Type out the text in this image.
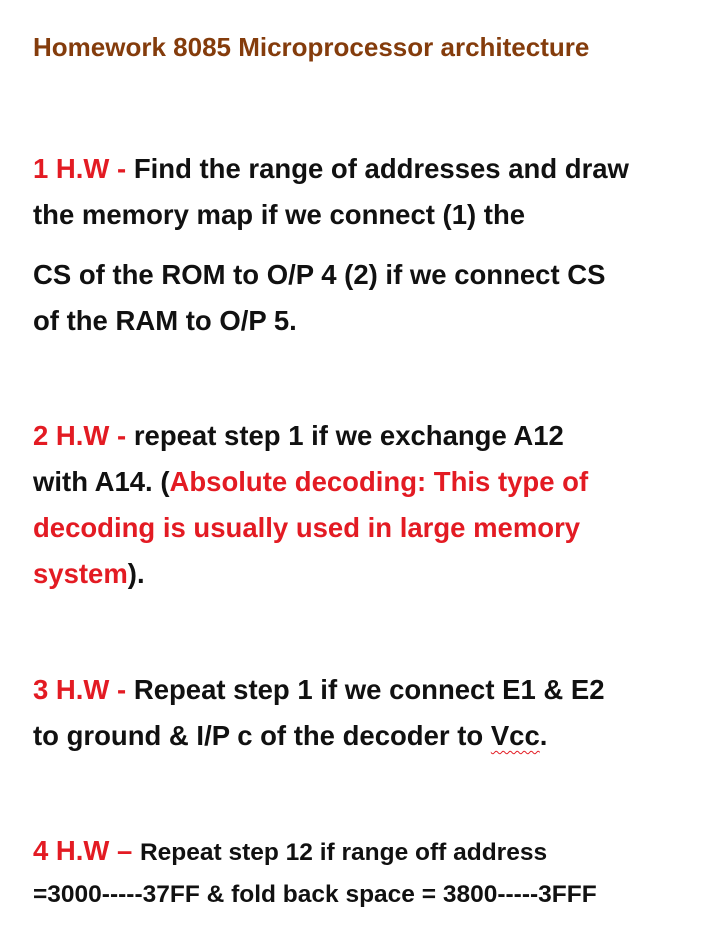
Homework 8085 Microprocessor architecture
1 H.W - Find the range of addresses and draw
the memory map if we connect (1) the
CS of the ROM to O/P 4 (2) if we connect CS
of the RAM to O/P 5.
2 H.W - repeat step 1 if we exchange A12
with A14. (Absolute decoding: This type of
decoding is usually used in large memory
system).
3 H.W - Repeat step 1 if we connect E1 & E2
to ground & I/P c of the decoder to Vcc.
4 H.W – Repeat step 12 if range off address
=3000-----37FF & fold back space = 3800-----3FFF
